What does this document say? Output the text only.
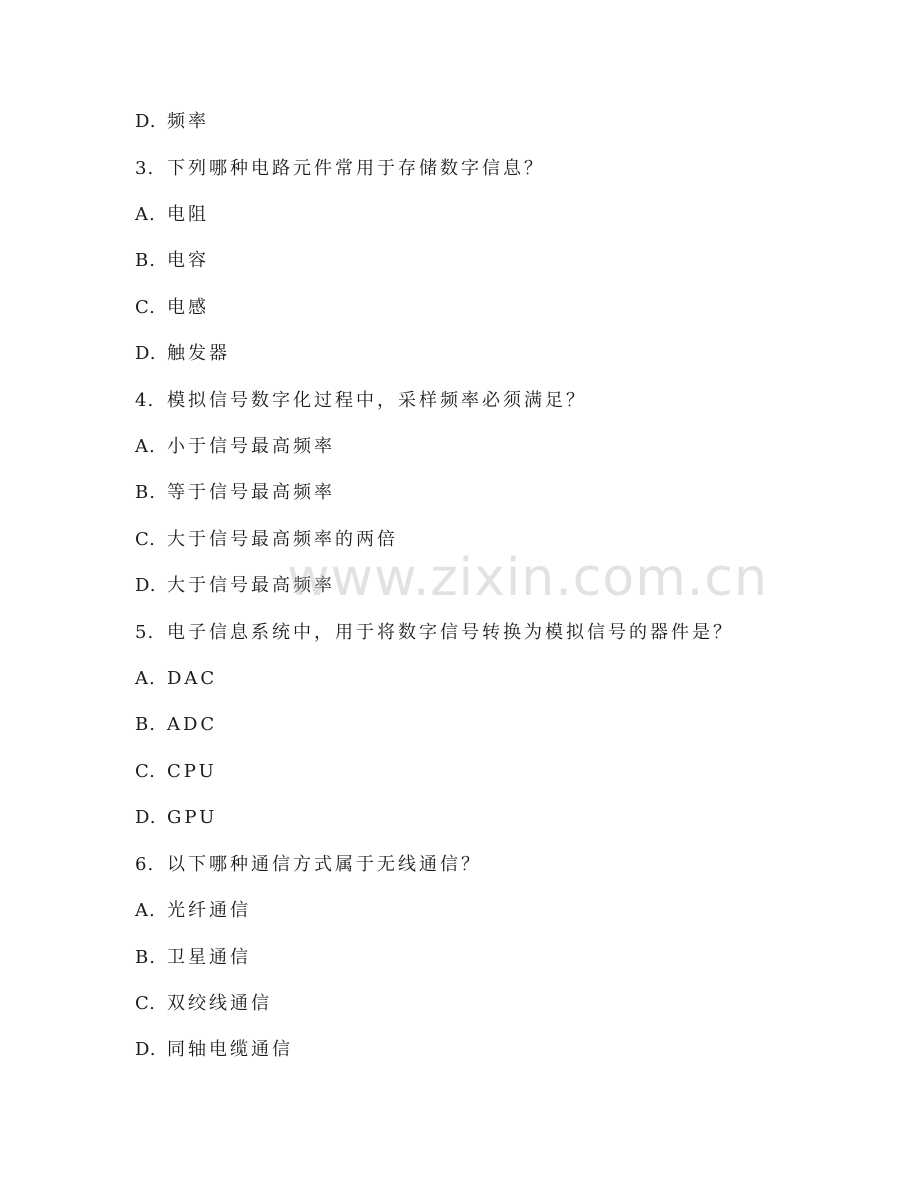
D. 频率
3. 下列哪种电路元件常用于存储数字信息？
A. 电阻
B. 电容
C. 电感
D. 触发器
4. 模拟信号数字化过程中，采样频率必须满足？
A. 小于信号最高频率
B. 等于信号最高频率
C. 大于信号最高频率的两倍
D. 大于信号最高频率
5. 电子信息系统中，用于将数字信号转换为模拟信号的器件是？
A. DAC
B. ADC
C. CPU
D. GPU
6. 以下哪种通信方式属于无线通信？
A. 光纤通信
B. 卫星通信
C. 双绞线通信
D. 同轴电缆通信
www.zixin.com.cn
